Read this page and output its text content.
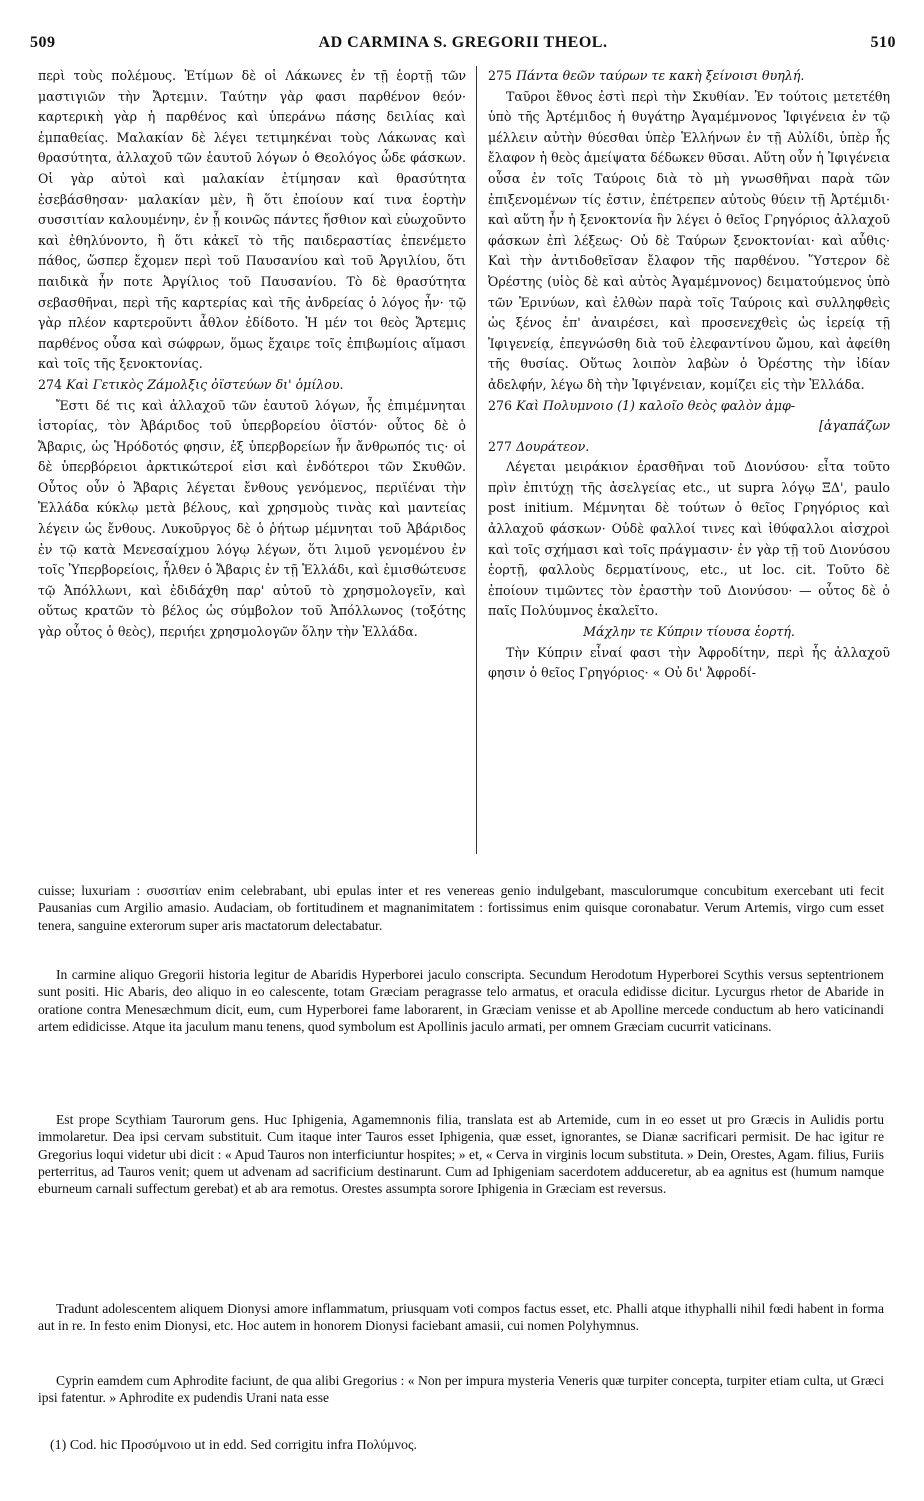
509	AD CARMINA S. GREGORII THEOL.	510

περὶ τοὺς πολέμους. Ἐτίμων δὲ οἱ Λάκωνες ἐν τῇ ἑορτῇ τῶν μαστιγιῶν τὴν Ἄρτεμιν. Ταύτην γὰρ φασι παρθένον θεόν· καρτερικὴ γὰρ ἡ παρθένος καὶ ὑπεράνω πάσης δειλίας καὶ ἐμπαθείας. Μαλακίαν δὲ λέγει τετιμηκέναι τοὺς Λάκωνας καὶ θρασύτητα, ἀλλαχοῦ τῶν ἑαυτοῦ λόγων ὁ Θεολόγος ὧδε φάσκων. Οἱ γὰρ αὐτοὶ καὶ μαλακίαν ἐτίμησαν καὶ θρασύτητα ἐσεβάσθησαν· μαλακίαν μὲν, ἢ ὅτι ἐποίουν καί τινα ἑορτὴν συσσιτίαν καλουμένην, ἐν ᾗ κοινῶς πάντες ἤσθιον καὶ εὐωχοῦντο καὶ ἐθηλύνοντο, ἢ ὅτι κἀκεῖ τὸ τῆς παιδεραστίας ἐπενέμετο πάθος, ὥσπερ ἔχομεν περὶ τοῦ Παυσανίου καὶ τοῦ Ἀργιλίου, ὅτι παιδικὰ ἦν ποτε Ἀργίλιος τοῦ Παυσανίου. Τὸ δὲ θρασύτητα σεβασθῆναι, περὶ τῆς καρτερίας καὶ τῆς ἀνδρείας ὁ λόγος ἦν· τῷ γὰρ πλέον καρτεροῦντι ἆθλον ἐδίδοτο. Ἡ μέν τοι θεὸς Ἄρτεμις παρθένος οὖσα καὶ σώφρων, ὅμως ἔχαιρε τοῖς ἐπιβωμίοις αἵμασι καὶ τοῖς τῆς ξενοκτονίας.

274 Καὶ Γετικὸς Ζάμολξις ὀϊστεύων δι' ὁμίλου.

Ἔστι δέ τις καὶ ἀλλαχοῦ τῶν ἑαυτοῦ λόγων, ἧς ἐπιμέμνηται ἱστορίας, τὸν Ἀβάριδος τοῦ ὑπερβορείου ὀϊστόν· οὗτος δὲ ὁ Ἄβαρις, ὡς Ἡρόδοτός φησιν, ἐξ ὑπερβορείων ἦν ἄνθρωπός τις· οἱ δὲ ὑπερβόρειοι ἀρκτικώτεροί εἰσι καὶ ἐνδότεροι τῶν Σκυθῶν. Οὗτος οὖν ὁ Ἄβαρις λέγεται ἔνθους γενόμενος, περιϊέναι τὴν Ἑλλάδα κύκλῳ μετὰ βέλους, καὶ χρησμοὺς τινὰς καὶ μαντείας λέγειν ὡς ἔνθους. Λυκοῦργος δὲ ὁ ῥήτωρ μέμνηται τοῦ Ἀβάριδος ἐν τῷ κατὰ Μενεσαίχμου λόγῳ λέγων, ὅτι λιμοῦ γενομένου ἐν τοῖς Ὑπερβορείοις, ἦλθεν ὁ Ἄβαρις ἐν τῇ Ἑλλάδι, καὶ ἐμισθώτευσε τῷ Ἀπόλλωνι, καὶ ἐδιδάχθη παρ' αὐτοῦ τὸ χρησμολογεῖν, καὶ οὕτως κρατῶν τὸ βέλος ὡς σύμβολον τοῦ Ἀπόλλωνος (τοξότης γὰρ οὗτος ὁ θεὸς), περιήει χρησμολογῶν ὅλην τὴν Ἑλλάδα.

275 Πάντα θεῶν ταύρων τε κακὴ ξείνοισι θυηλή.

Ταῦροι ἔθνος ἐστὶ περὶ τὴν Σκυθίαν. Ἐν τούτοις μετετέθη ὑπὸ τῆς Ἀρτέμιδος ἡ θυγάτηρ Ἀγαμέμνονος Ἰφιγένεια ἐν τῷ μέλλειν αὐτὴν θύεσθαι ὑπὲρ Ἑλλήνων ἐν τῇ Αὐλίδι, ὑπὲρ ἧς ἔλαφον ἡ θεὸς ἀμείψατα δέδωκεν θῦσαι. Αὕτη οὖν ἡ Ἰφιγένεια οὖσα ἐν τοῖς Ταύροις διὰ τὸ μὴ γνωσθῆναι παρὰ τῶν ἐπιξενομένων τίς ἐστιν, ἐπέτρεπεν αὐτοὺς θύειν τῇ Ἀρτέμιδι· καὶ αὕτη ἦν ἡ ξενοκτονία ἣν λέγει ὁ θεῖος Γρηγόριος ἀλλαχοῦ φάσκων ἐπὶ λέξεως· Οὐ δὲ Ταύρων ξενοκτονίαι· καὶ αὖθις· Καὶ τὴν ἀντιδοθεῖσαν ἔλαφον τῆς παρθένου. Ὕστερον δὲ Ὀρέστης (υἱὸς δὲ καὶ αὐτὸς Ἀγαμέμνονος) δειματούμενος ὑπὸ τῶν Ἐρινύων, καὶ ἐλθὼν παρὰ τοῖς Ταύροις καὶ συλληφθεὶς ὡς ξένος ἐπ' ἀναιρέσει, καὶ προσενεχθεὶς ὡς ἱερείᾳ τῇ Ἰφιγενείᾳ, ἐπεγνώσθη διὰ τοῦ ἐλεφαντίνου ὤμου, καὶ ἀφείθη τῆς θυσίας. Οὕτως λοιπὸν λαβὼν ὁ Ὀρέστης τὴν ἰδίαν ἀδελφήν, λέγω δὴ τὴν Ἰφιγένειαν, κομίζει εἰς τὴν Ἑλλάδα.

276 Καὶ Πολυμνοιο (1) καλοῖο θεὸς φαλὸν ἀμφ-

[ἀγαπάζων

277 Δουράτεον.

Λέγεται μειράκιον ἐρασθῆναι τοῦ Διονύσου· εἶτα τοῦτο πρὶν ἐπιτύχῃ τῆς ἀσελγείας etc., ut supra λόγῳ ΞΔ', paulo post initium. Μέμνηται δὲ τούτων ὁ θεῖος Γρηγόριος καὶ ἀλλαχοῦ φάσκων· Οὐδὲ φαλλοί τινες καὶ ἰθύφαλλοι αἰσχροὶ καὶ τοῖς σχήμασι καὶ τοῖς πράγμασιν· ἐν γὰρ τῇ τοῦ Διονύσου ἑορτῇ, φαλλοὺς δερματίνους, etc., ut loc. cit. Τοῦτο δὲ ἐποίουν τιμῶντες τὸν ἐραστὴν τοῦ Διονύσου· — οὗτος δὲ ὁ παῖς Πολύυμνος ἐκαλεῖτο.

Μάχλην τε Κύπριν τίουσα ἑορτή.

Τὴν Κύπριν εἶναί φασι τὴν Ἀφροδίτην, περὶ ἧς ἀλλαχοῦ φησιν ὁ θεῖος Γρηγόριος· « Οὐ δι' Ἀφροδί-

cuisse; luxuriam : συσσιτίαν enim celebrabant, ubi epulas inter et res venereas genio indulgebant, masculorumque concubitum exercebant uti fecit Pausanias cum Argilio amasio. Audaciam, ob fortitudinem et magnanimitatem : fortissimus enim quisque coronabatur. Verum Artemis, virgo cum esset tenera, sanguine exterorum super aris mactatorum delectabatur.
In carmine aliquo Gregorii historia legitur de Abaridis Hyperborei jaculo conscripta. Secundum Herodotum Hyperborei Scythis versus septentrionem sunt positi. Hic Abaris, deo aliquo in eo calescente, totam Græciam peragrasse telo armatus, et oracula edidisse dicitur. Lycurgus rhetor de Abaride in oratione contra Menesæchmum dicit, eum, cum Hyperborei fame laborarent, in Græciam venisse et ab Apolline mercede conductum ab hero vaticinandi artem edidicisse. Atque ita jaculum manu tenens, quod symbolum est Apollinis jaculo armati, per omnem Græciam cucurrit vaticinans.
Est prope Scythiam Taurorum gens. Huc Iphigenia, Agamemnonis filia, translata est ab Artemide, cum in eo esset ut pro Græcis in Aulidis portu immolaretur. Dea ipsi cervam substituit. Cum itaque inter Tauros esset Iphigenia, quæ esset, ignorantes, se Dianæ sacrificari permisit. De hac igitur re Gregorius loqui videtur ubi dicit : « Apud Tauros non interficiuntur hospites; » et, « Cerva in virginis locum substituta. » Dein, Orestes, Agam. filius, Furiis perterritus, ad Tauros venit; quem ut advenam ad sacrificium destinarunt. Cum ad Iphigeniam sacerdotem adduceretur, ab ea agnitus est (humum namque eburneum carnali suffectum gerebat) et ab ara remotus. Orestes assumpta sorore Iphigenia in Græciam est reversus.
Tradunt adolescentem aliquem Dionysi amore inflammatum, priusquam voti compos factus esset, etc. Phalli atque ithyphalli nihil fœdi habent in forma aut in re. In festo enim Dionysi, etc. Hoc autem in honorem Dionysi faciebant amasii, cui nomen Polyhymnus.
Cyprin eamdem cum Aphrodite faciunt, de qua alibi Gregorius : « Non per impura mysteria Veneris quæ turpiter concepta, turpiter etiam culta, ut Græci ipsi fatentur. » Aphrodite ex pudendis Urani nata esse
(1) Cod. hic Προσύμνοιο ut in edd. Sed corrigitu infra Πολύμνος.
